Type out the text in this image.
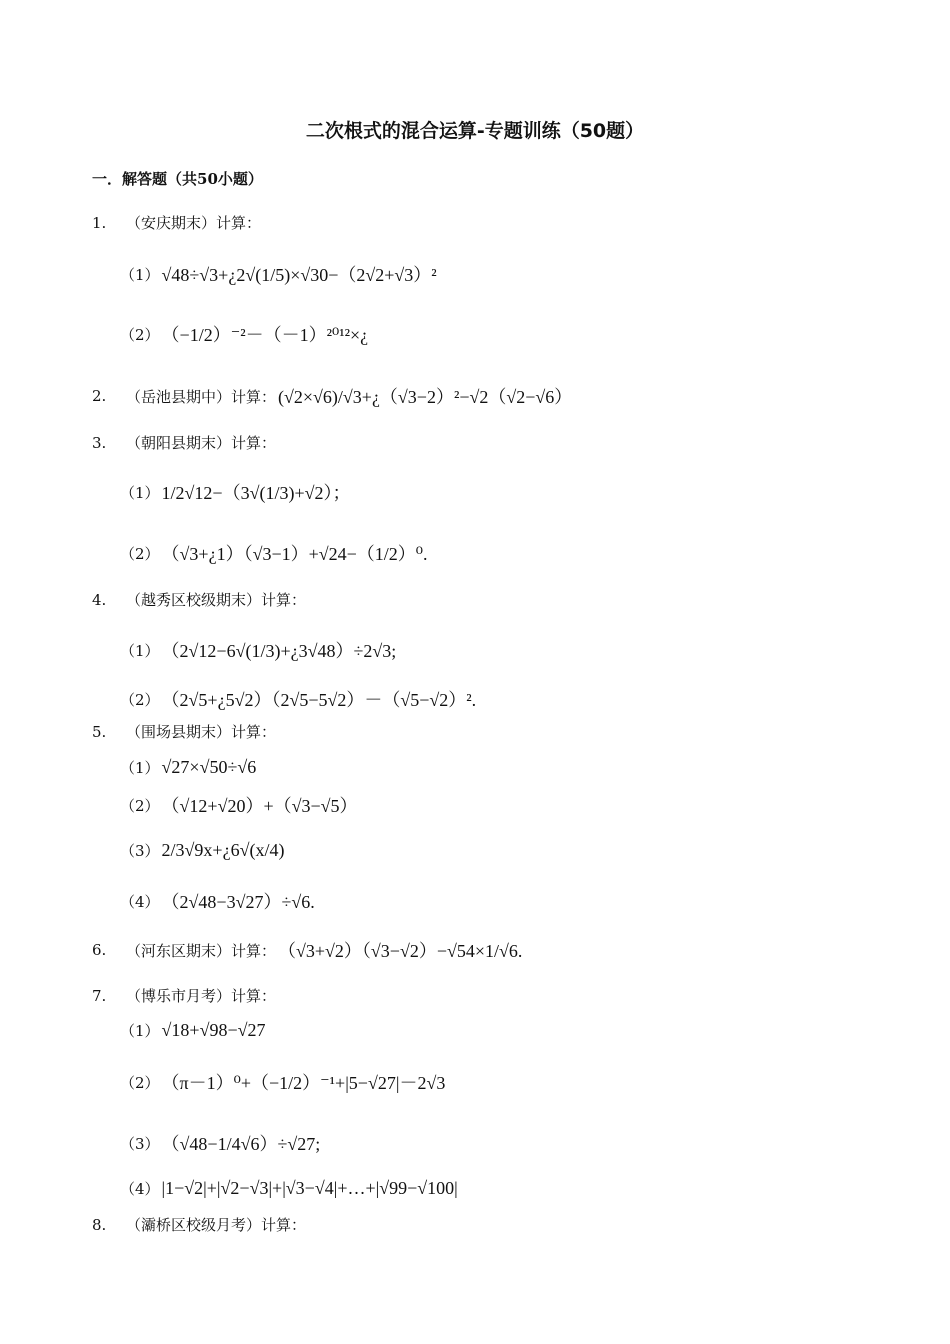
二次根式的混合运算-专题训练（50题）
一．解答题（共50小题）
1.	（安庆期末）计算：
（1） √48÷√3+¿2√(1/5)×√30−（2√2+√3）²
（2） （−1/2）⁻²－（－1）²⁰¹²×¿
2.	（岳池县期中）计算： (√2×√6)/√3+¿（√3−2）²−√2（√2−√6）
3.	（朝阳县期末）计算：
（1） 1/2√12−（3√(1/3)+√2）；
（2） （√3+¿1）（√3−1）+√24−（1/2）⁰.
4.	（越秀区校级期末）计算：
（1） （2√12−6√(1/3)+¿3√48）÷2√3;
（2） （2√5+¿5√2）（2√5−5√2）－（√5−√2）².
5.	（围场县期末）计算：
（1） √27×√50÷√6
（2） （√12+√20）+（√3−√5）
（3） 2/3√9x+¿6√(x/4)
（4） （2√48−3√27）÷√6.
6.	（河东区期末）计算： （√3+√2）（√3−√2）−√54×1/√6.
7.	（博乐市月考）计算：
（1） √18+√98−√27
（2） （π－1）⁰+（−1/2）⁻¹+|5−√27|－2√3
（3） （√48−1/4√6）÷√27;
（4） |1−√2|+|√2−√3|+|√3−√4|+…+|√99−√100|
8.	（灞桥区校级月考）计算：
